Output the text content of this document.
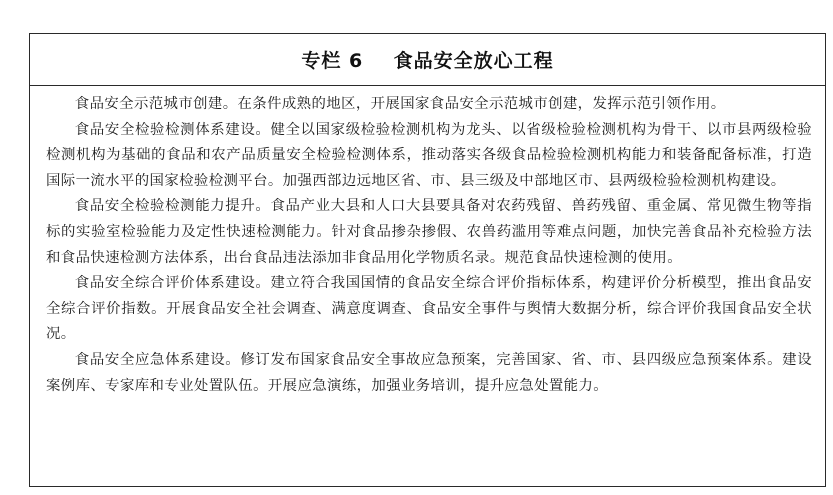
专栏 6    食品安全放心工程

食品安全示范城市创建。在条件成熟的地区，开展国家食品安全示范城市创建，发挥示范引领作用。

食品安全检验检测体系建设。健全以国家级检验检测机构为龙头、以省级检验检测机构为骨干、以市县两级检验检测机构为基础的食品和农产品质量安全检验检测体系，推动落实各级食品检验检测机构能力和装备配备标准，打造国际一流水平的国家检验检测平台。加强西部边远地区省、市、县三级及中部地区市、县两级检验检测机构建设。

食品安全检验检测能力提升。食品产业大县和人口大县要具备对农药残留、兽药残留、重金属、常见微生物等指标的实验室检验能力及定性快速检测能力。针对食品掺杂掺假、农兽药滥用等难点问题，加快完善食品补充检验方法和食品快速检测方法体系，出台食品违法添加非食品用化学物质名录。规范食品快速检测的使用。

食品安全综合评价体系建设。建立符合我国国情的食品安全综合评价指标体系，构建评价分析模型，推出食品安全综合评价指数。开展食品安全社会调查、满意度调查、食品安全事件与舆情大数据分析，综合评价我国食品安全状况。

食品安全应急体系建设。修订发布国家食品安全事故应急预案，完善国家、省、市、县四级应急预案体系。建设案例库、专家库和专业处置队伍。开展应急演练，加强业务培训，提升应急处置能力。
